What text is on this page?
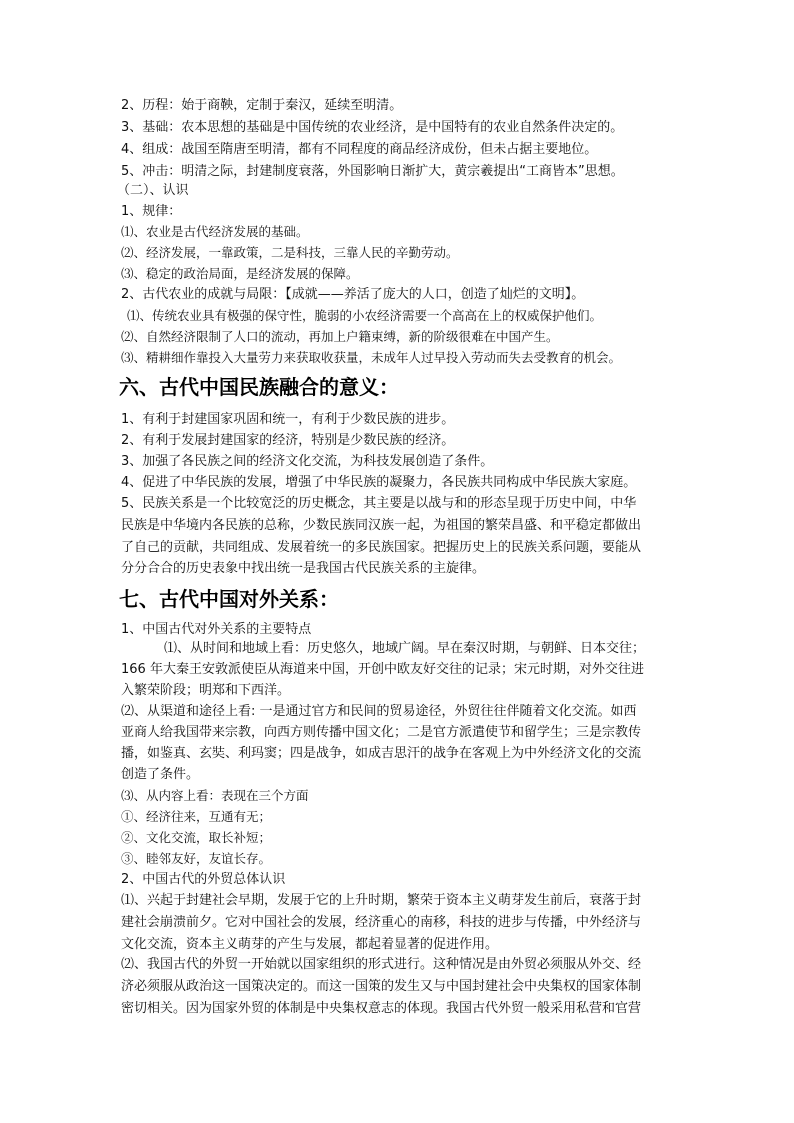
2、历程：始于商鞅，定制于秦汉，延续至明清。
3、基础：农本思想的基础是中国传统的农业经济，是中国特有的农业自然条件决定的。
4、组成：战国至隋唐至明清，都有不同程度的商品经济成份，但未占据主要地位。
5、冲击：明清之际，封建制度衰落，外国影响日渐扩大，黄宗羲提出“工商皆本”思想。
（二）、认识
1、规律：
⑴、农业是古代经济发展的基础。
⑵、经济发展，一靠政策，二是科技，三靠人民的辛勤劳动。
⑶、稳定的政治局面，是经济发展的保障。
2、古代农业的成就与局限：【成就——养活了庞大的人口，创造了灿烂的文明】。
⑴、传统农业具有极强的保守性，脆弱的小农经济需要一个高高在上的权威保护他们。
⑵、自然经济限制了人口的流动，再加上户籍束缚，新的阶级很难在中国产生。
⑶、精耕细作靠投入大量劳力来获取收获量，未成年人过早投入劳动而失去受教育的机会。
六、古代中国民族融合的意义：
1、有利于封建国家巩固和统一，有利于少数民族的进步。
2、有利于发展封建国家的经济，特别是少数民族的经济。
3、加强了各民族之间的经济文化交流，为科技发展创造了条件。
4、促进了中华民族的发展，增强了中华民族的凝聚力，各民族共同构成中华民族大家庭。
5、民族关系是一个比较宽泛的历史概念，其主要是以战与和的形态呈现于历史中间，中华
民族是中华境内各民族的总称，少数民族同汉族一起，为祖国的繁荣昌盛、和平稳定都做出
了自己的贡献，共同组成、发展着统一的多民族国家。把握历史上的民族关系问题，要能从
分分合合的历史表象中找出统一是我国古代民族关系的主旋律。
七、古代中国对外关系：
1、中国古代对外关系的主要特点
⑴、从时间和地域上看：历史悠久，地域广阔。早在秦汉时期，与朝鲜、日本交往；
166 年大秦王安敦派使臣从海道来中国，开创中欧友好交往的记录；宋元时期，对外交往进
入繁荣阶段；明郑和下西洋。
⑵、从渠道和途径上看: 一是通过官方和民间的贸易途径，外贸往往伴随着文化交流。如西
亚商人给我国带来宗教，向西方则传播中国文化；二是官方派遣使节和留学生；三是宗教传
播，如鉴真、玄奘、利玛窦；四是战争，如成吉思汗的战争在客观上为中外经济文化的交流
创造了条件。
⑶、从内容上看：表现在三个方面
①、经济往来，互通有无；
②、文化交流，取长补短；
③、睦邻友好，友谊长存。
2、中国古代的外贸总体认识
⑴、兴起于封建社会早期，发展于它的上升时期，繁荣于资本主义萌芽发生前后，衰落于封
建社会崩溃前夕。它对中国社会的发展，经济重心的南移，科技的进步与传播，中外经济与
文化交流，资本主义萌芽的产生与发展，都起着显著的促进作用。
⑵、我国古代的外贸一开始就以国家组织的形式进行。这种情况是由外贸必须服从外交、经
济必须服从政治这一国策决定的。而这一国策的发生又与中国封建社会中央集权的国家体制
密切相关。因为国家外贸的体制是中央集权意志的体现。我国古代外贸一般采用私营和官营
